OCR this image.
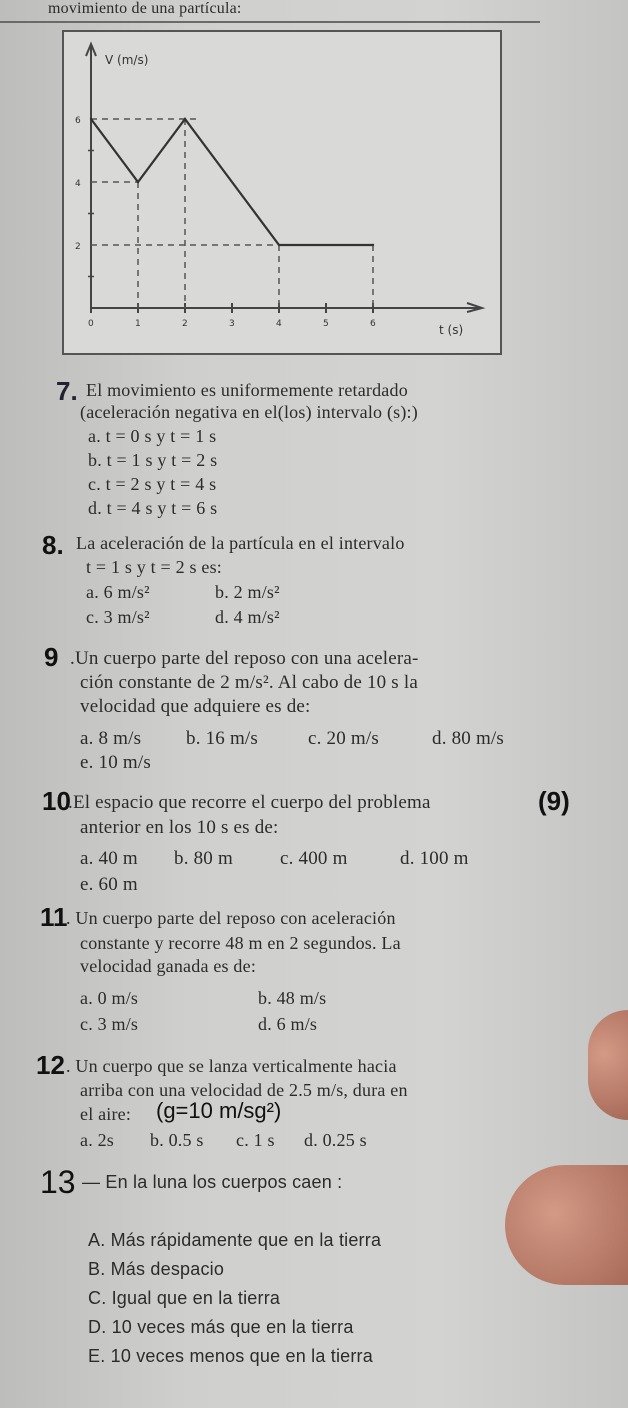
movimiento de una partícula:
V (m/s)
t (s)
0	1	2	3	4	5	6
2
4
6
7. El movimiento es uniformemente retardado
(aceleración negativa en el(los) intervalo (s):)
a. t = 0 s y t = 1 s
b. t = 1 s y t = 2 s
c. t = 2 s y t = 4 s
d. t = 4 s y t = 6 s
8. La aceleración de la partícula en el intervalo
t = 1 s y t = 2 s es:
a. 6 m/s²	b. 2 m/s²
c. 3 m/s²	d. 4 m/s²
9 .Un cuerpo parte del reposo con una acelera-
ción constante de 2 m/s². Al cabo de 10 s la
velocidad que adquiere es de:
a. 8 m/s b. 16 m/s	c. 20 m/s	d. 80 m/s
e. 10 m/s
10
.El espacio que recorre el cuerpo del problema	(9)
anterior en los 10 s es de:
a. 40 m b. 80 m c. 400 m	d. 100 m
e. 60 m
11
. Un cuerpo parte del reposo con aceleración
constante y recorre 48 m en 2 segundos. La
velocidad ganada es de:
a. 0 m/s	b. 48 m/s
c. 3 m/s	d. 6 m/s
12 . Un cuerpo que se lanza verticalmente hacia
arriba con una velocidad de 2.5 m/s, dura en
el aire: (g=10 m/sg²)
a. 2s b. 0.5 s c. 1 s d. 0.25 s
13 — En la luna los cuerpos caen :
A. Más rápidamente que en la tierra
B. Más despacio
C. Igual que en la tierra
D. 10 veces más que en la tierra
E. 10 veces menos que en la tierra
